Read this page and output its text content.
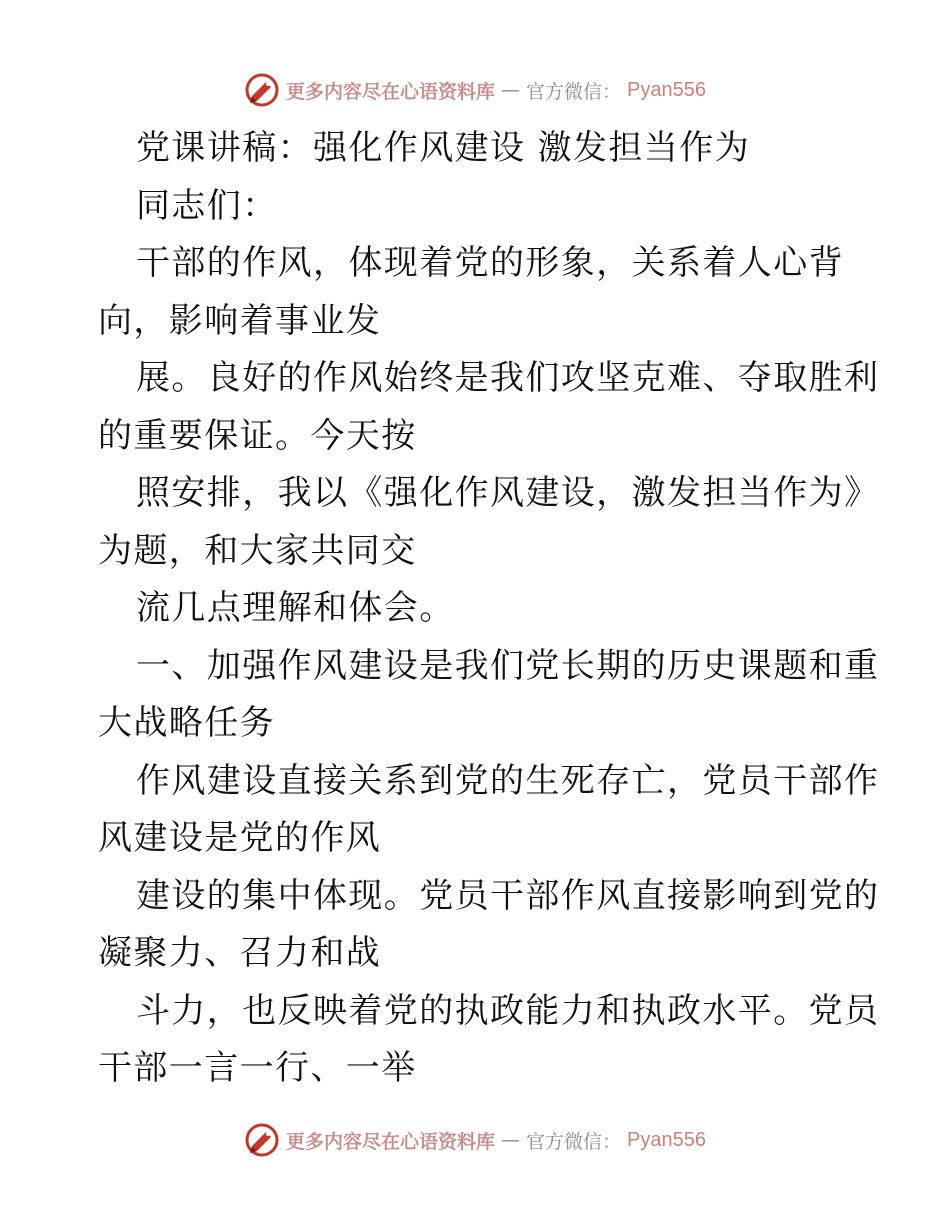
更多内容尽在心语资料库 — 官方微信： Pyan556
党课讲稿：强化作风建设 激发担当作为
同志们：
干部的作风，体现着党的形象，关系着人心背
向，影响着事业发
展。良好的作风始终是我们攻坚克难、夺取胜利
的重要保证。今天按
照安排，我以《强化作风建设，激发担当作为》
为题，和大家共同交
流几点理解和体会。
一、加强作风建设是我们党长期的历史课题和重
大战略任务
作风建设直接关系到党的生死存亡，党员干部作
风建设是党的作风
建设的集中体现。党员干部作风直接影响到党的
凝聚力、召力和战
斗力，也反映着党的执政能力和执政水平。党员
干部一言一行、一举
更多内容尽在心语资料库 — 官方微信： Pyan556
